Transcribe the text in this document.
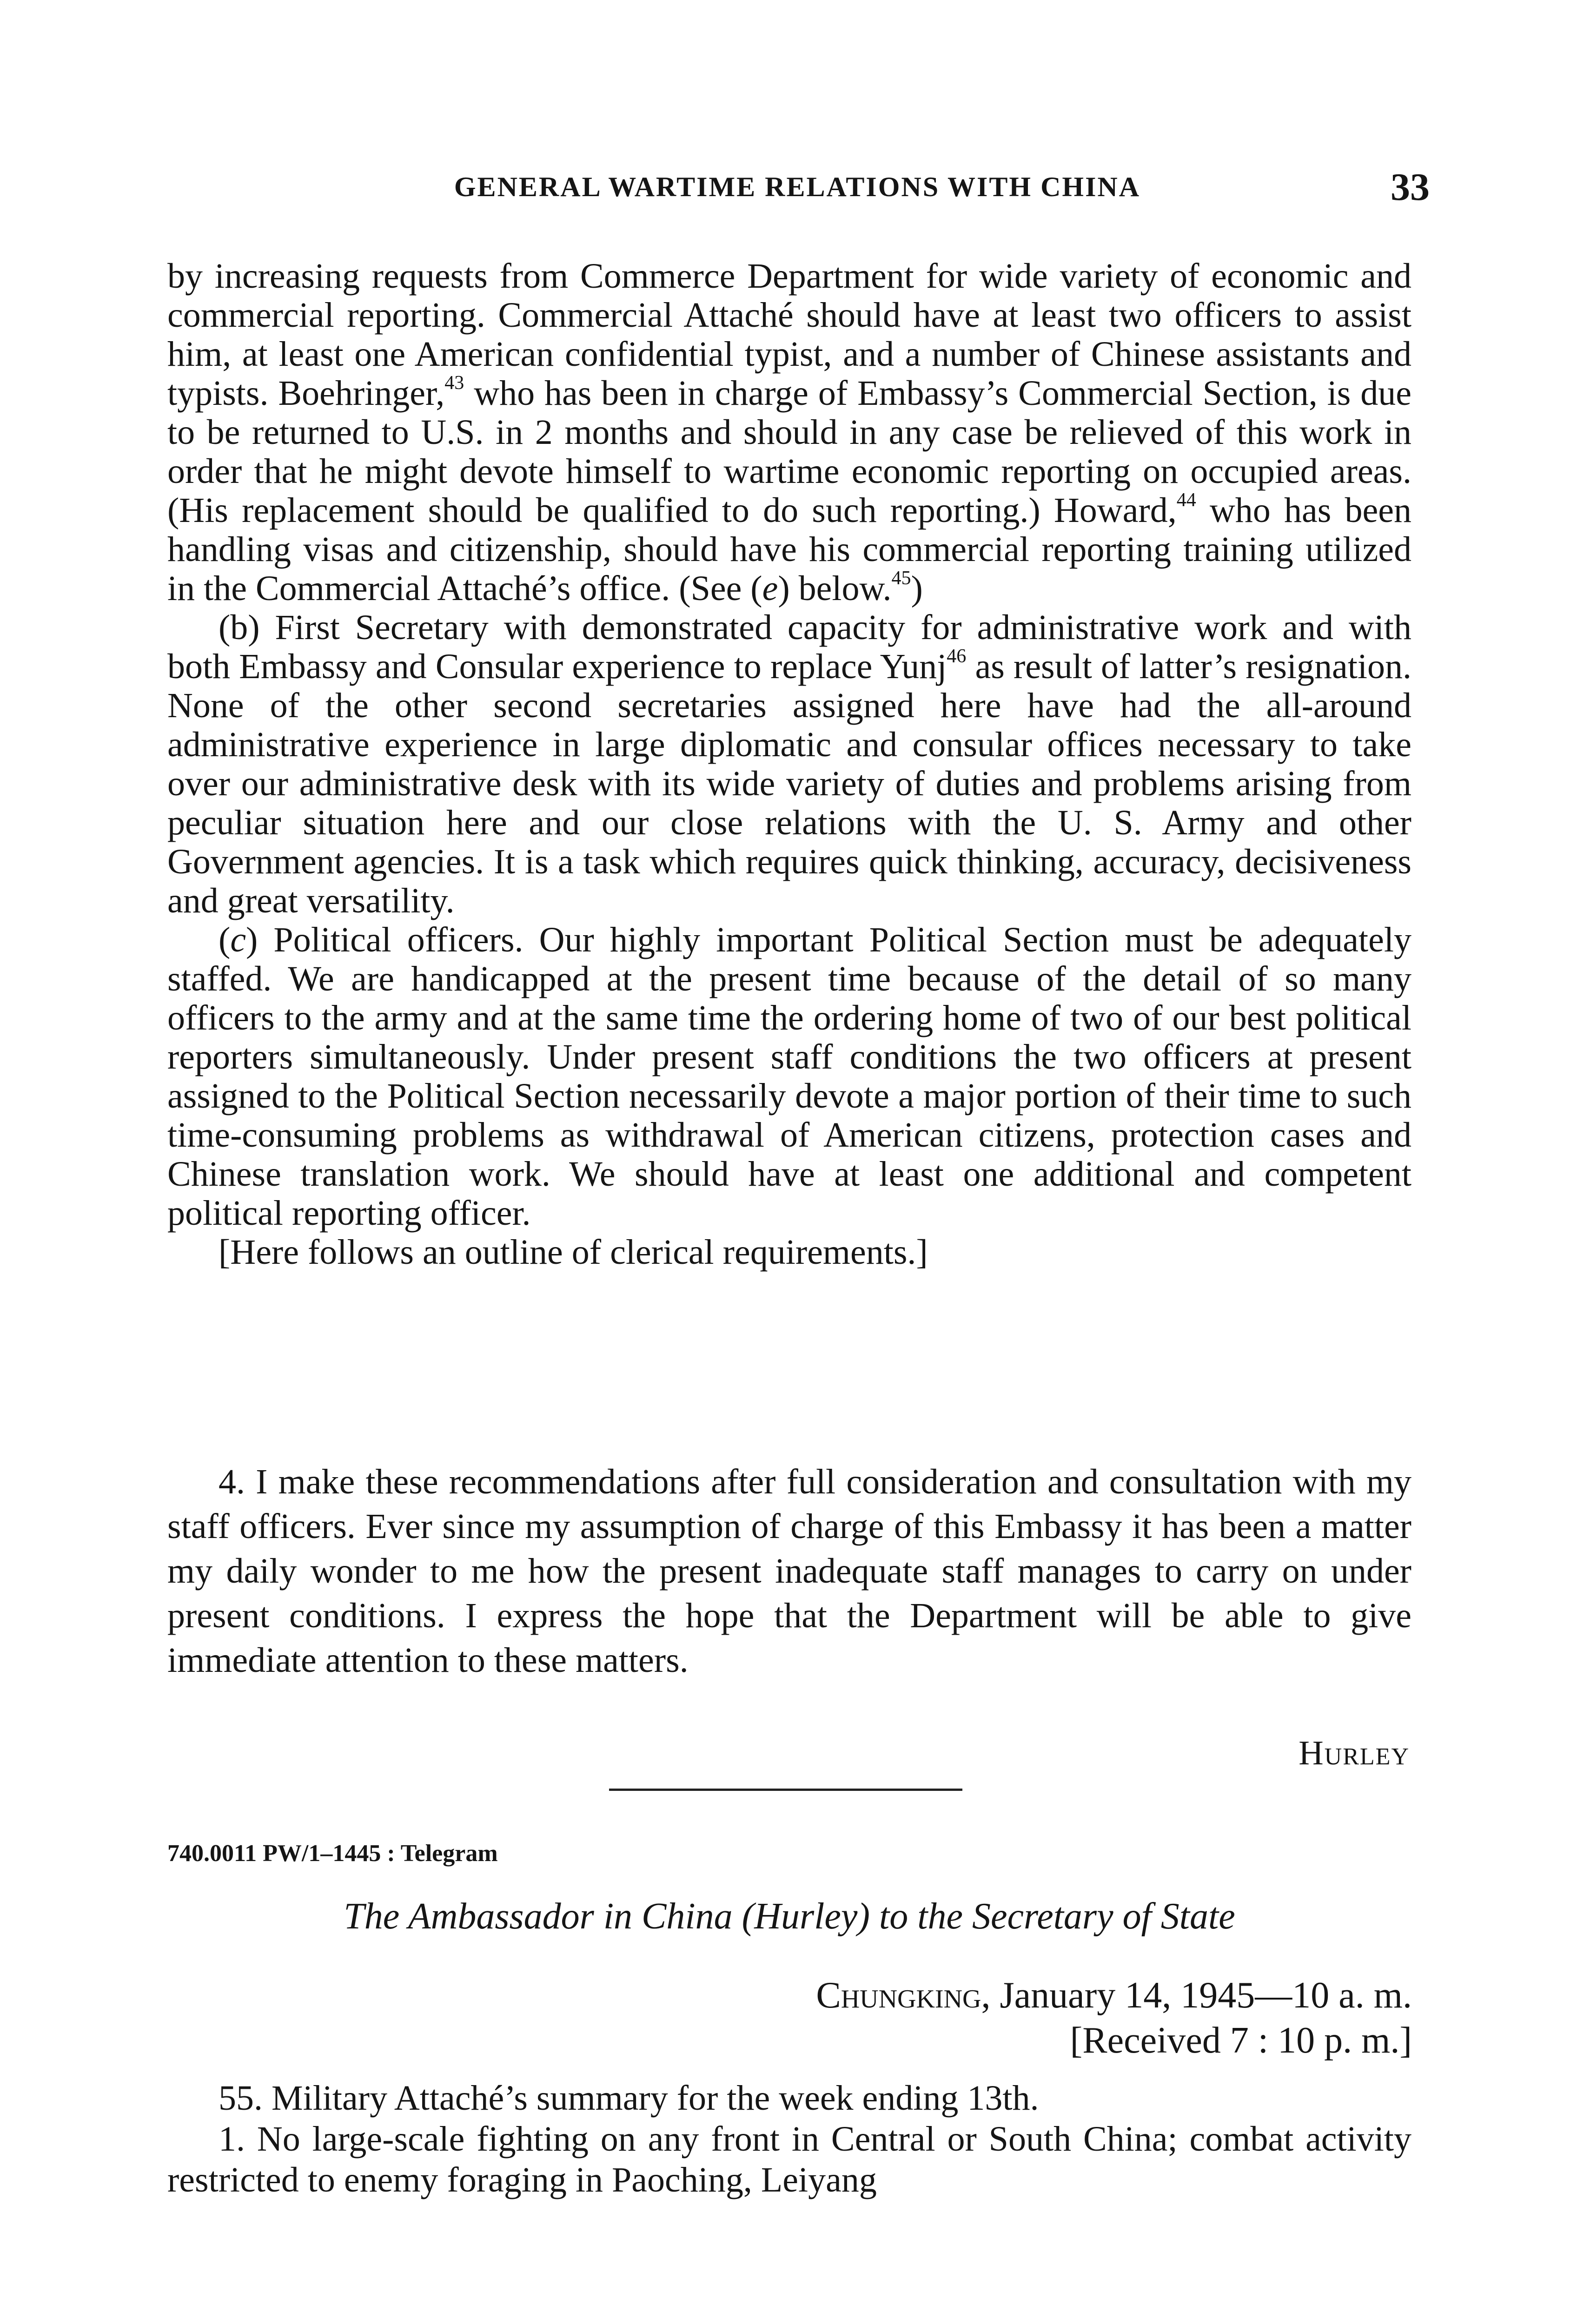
GENERAL WARTIME RELATIONS WITH CHINA	33

by increasing requests from Commerce Department for wide variety of economic and commercial reporting. Commercial Attaché should have at least two officers to assist him, at least one American confidential typist, and a number of Chinese assistants and typists. Boehringer,$^{43}$ who has been in charge of Embassy’s Commercial Section, is due to be returned to U.S. in 2 months and should in any case be relieved of this work in order that he might devote himself to wartime economic reporting on occupied areas. (His replacement should be qualified to do such reporting.) Howard,$^{44}$ who has been handling visas and citizenship, should have his commercial reporting training utilized in the Commercial Attaché’s office. (See (e) below.$^{45}$)

(b) First Secretary with demonstrated capacity for administrative work and with both Embassy and Consular experience to replace Yunj$^{46}$ as result of latter’s resignation. None of the other second secretaries assigned here have had the all-around administrative experience in large diplomatic and consular offices necessary to take over our administrative desk with its wide variety of duties and problems arising from peculiar situation here and our close relations with the U. S. Army and other Government agencies. It is a task which requires quick thinking, accuracy, decisiveness and great versatility.

(c) Political officers. Our highly important Political Section must be adequately staffed. We are handicapped at the present time because of the detail of so many officers to the army and at the same time the ordering home of two of our best political reporters simultaneously. Under present staff conditions the two officers at present assigned to the Political Section necessarily devote a major portion of their time to such time-consuming problems as withdrawal of American citizens, protection cases and Chinese translation work. We should have at least one additional and competent political reporting officer.

[Here follows an outline of clerical requirements.]

4. I make these recommendations after full consideration and consultation with my staff officers. Ever since my assumption of charge of this Embassy it has been a matter my daily wonder to me how the present inadequate staff manages to carry on under present conditions. I express the hope that the Department will be able to give immediate attention to these matters.

Hurley
740.0011 PW/1–1445 : Telegram
The Ambassador in China (Hurley) to the Secretary of State
Chungking, January 14, 1945—10 a. m.
[Received 7 : 10 p. m.]

55. Military Attaché’s summary for the week ending 13th.

1. No large-scale fighting on any front in Central or South China; combat activity restricted to enemy foraging in Paoching, Leiyang
